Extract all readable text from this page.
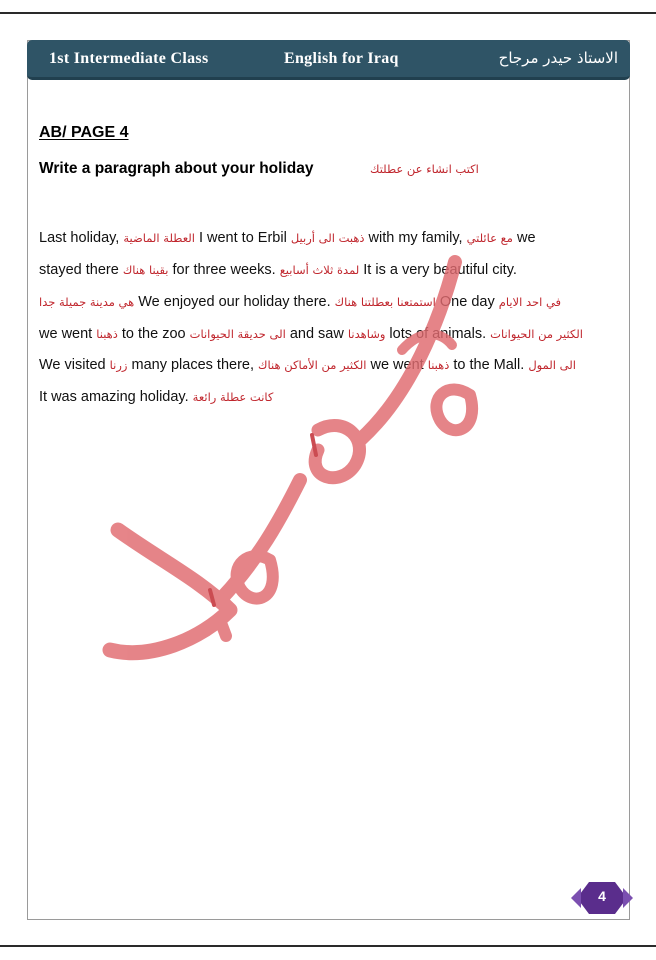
1st Intermediate Class	English for Iraq	الاستاذ حيدر مرجاح
AB/ PAGE 4
Write a paragraph about your holiday	اكتب انشاء عن عطلتك
Last holiday, العطلة الماضية I went to Erbil ذهبت الى أربيل with my family, مع عائلتي we
stayed there بقينا هناك for three weeks. لمدة ثلاث أسابيع It is a very beautiful city.
هي مدينة جميلة جدا We enjoyed our holiday there. استمتعنا بعطلتنا هناك One day في احد الايام
we went ذهبنا to the zoo الى حديقة الحيوانات and saw وشاهدنا lots of animals. الكثير من الحيوانات
We visited زرنا many places there, الكثير من الأماكن هناك we went ذهبنا to the Mall. الى المول
It was amazing holiday. كانت عطلة رائعة
4
